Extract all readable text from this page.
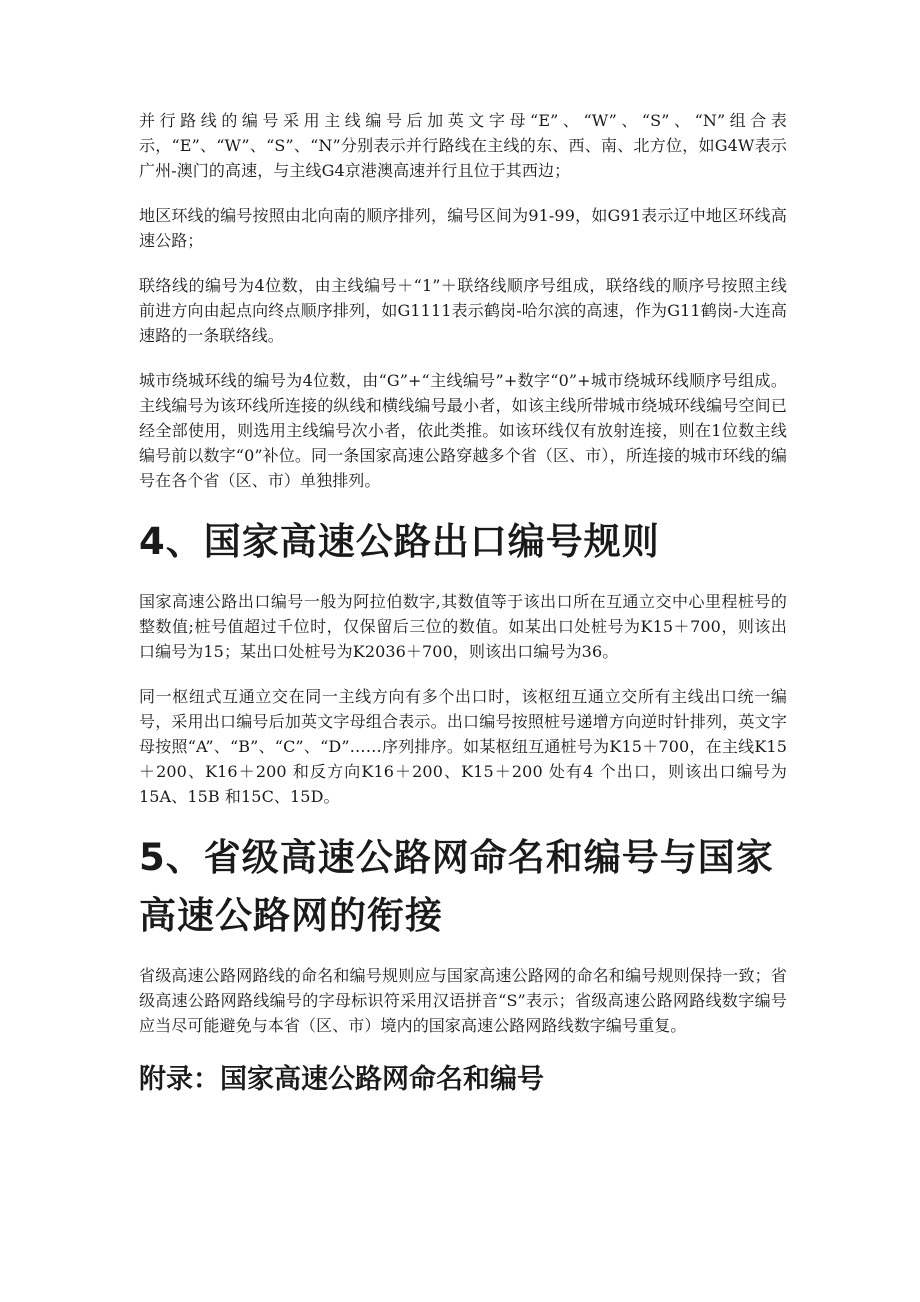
并行路线的编号采用主线编号后加英文字母“E”、“W”、“S”、“N”组合表示，“E”、“W”、“S”、“N”分别表示并行路线在主线的东、西、南、北方位，如G4W表示广州-澳门的高速，与主线G4京港澳高速并行且位于其西边；

地区环线的编号按照由北向南的顺序排列，编号区间为91-99，如G91表示辽中地区环线高速公路；

联络线的编号为4位数，由主线编号＋“1”＋联络线顺序号组成，联络线的顺序号按照主线前进方向由起点向终点顺序排列，如G1111表示鹤岗-哈尔滨的高速，作为G11鹤岗-大连高速路的一条联络线。

城市绕城环线的编号为4位数，由“G”+“主线编号”+数字“0”+城市绕城环线顺序号组成。主线编号为该环线所连接的纵线和横线编号最小者，如该主线所带城市绕城环线编号空间已经全部使用，则选用主线编号次小者，依此类推。如该环线仅有放射连接，则在1位数主线编号前以数字“0”补位。同一条国家高速公路穿越多个省（区、市），所连接的城市环线的编号在各个省（区、市）单独排列。

4、国家高速公路出口编号规则

国家高速公路出口编号一般为阿拉伯数字,其数值等于该出口所在互通立交中心里程桩号的整数值;桩号值超过千位时，仅保留后三位的数值。如某出口处桩号为K15＋700，则该出口编号为15；某出口处桩号为K2036＋700，则该出口编号为36。

同一枢纽式互通立交在同一主线方向有多个出口时，该枢纽互通立交所有主线出口统一编号，采用出口编号后加英文字母组合表示。出口编号按照桩号递增方向逆时针排列，英文字母按照“A”、“B”、“C”、“D”……序列排序。如某枢纽互通桩号为K15＋700，在主线K15＋200、K16＋200 和反方向K16＋200、K15＋200 处有4 个出口，则该出口编号为15A、15B 和15C、15D。

5、省级高速公路网命名和编号与国家高速公路网的衔接

省级高速公路网路线的命名和编号规则应与国家高速公路网的命名和编号规则保持一致；省级高速公路网路线编号的字母标识符采用汉语拼音“S”表示；省级高速公路网路线数字编号应当尽可能避免与本省（区、市）境内的国家高速公路网路线数字编号重复。

附录：国家高速公路网命名和编号
